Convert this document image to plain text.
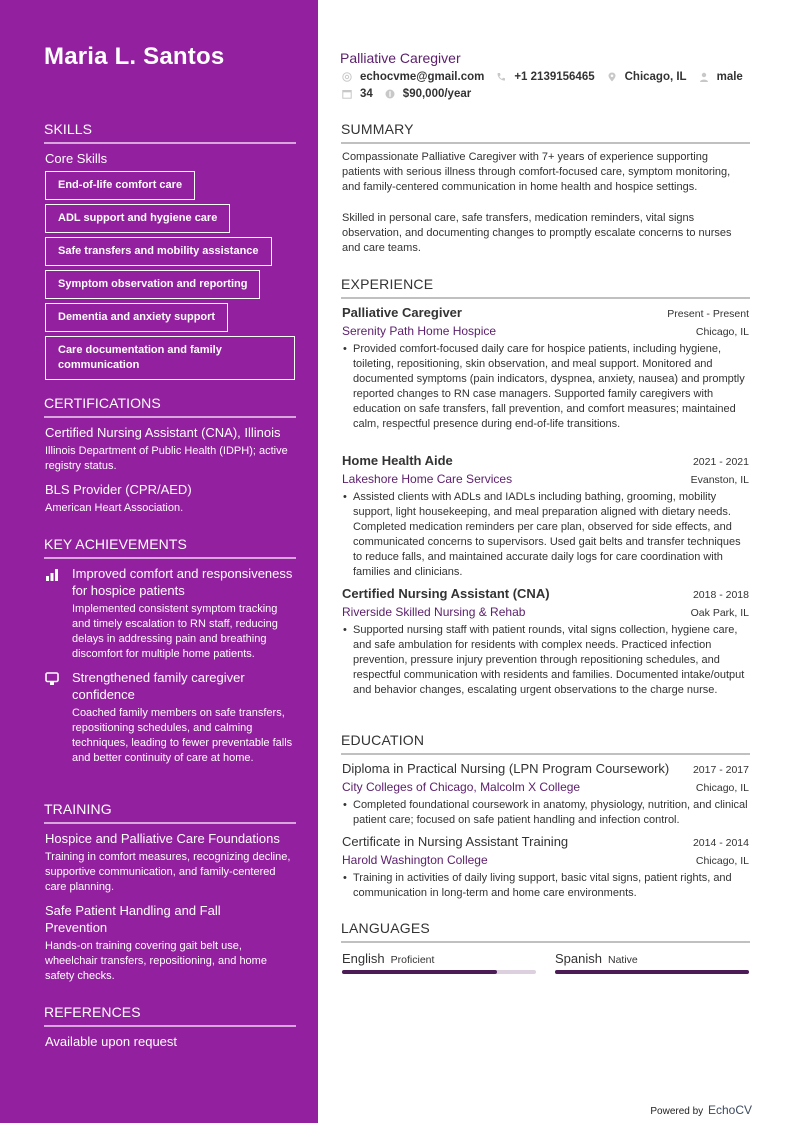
Maria L. Santos
SKILLS
Core Skills
End-of-life comfort care
ADL support and hygiene care
Safe transfers and mobility assistance
Symptom observation and reporting
Dementia and anxiety support
Care documentation and family communication
CERTIFICATIONS
Certified Nursing Assistant (CNA), Illinois
Illinois Department of Public Health (IDPH); active registry status.
BLS Provider (CPR/AED)
American Heart Association.
KEY ACHIEVEMENTS
Improved comfort and responsiveness for hospice patients
Implemented consistent symptom tracking and timely escalation to RN staff, reducing delays in addressing pain and breathing discomfort for multiple home patients.
Strengthened family caregiver confidence
Coached family members on safe transfers, repositioning schedules, and calming techniques, leading to fewer preventable falls and better continuity of care at home.
TRAINING
Hospice and Palliative Care Foundations
Training in comfort measures, recognizing decline, supportive communication, and family-centered care planning.
Safe Patient Handling and Fall Prevention
Hands-on training covering gait belt use, wheelchair transfers, repositioning, and home safety checks.
REFERENCES
Available upon request
Palliative Caregiver
echocvme@gmail.com	+1 2139156465	Chicago, IL	male
34	$90,000/year
SUMMARY
Compassionate Palliative Caregiver with 7+ years of experience supporting patients with serious illness through comfort-focused care, symptom monitoring, and family-centered communication in home health and hospice settings.
Skilled in personal care, safe transfers, medication reminders, vital signs observation, and documenting changes to promptly escalate concerns to nurses and care teams.
EXPERIENCE
Palliative Caregiver	Present - Present
Serenity Path Home Hospice	Chicago, IL
• Provided comfort-focused daily care for hospice patients, including hygiene, toileting, repositioning, skin observation, and meal support. Monitored and documented symptoms (pain indicators, dyspnea, anxiety, nausea) and promptly reported changes to RN case managers. Supported family caregivers with education on safe transfers, fall prevention, and comfort measures; maintained calm, respectful presence during end-of-life transitions.
Home Health Aide	2021 - 2021
Lakeshore Home Care Services	Evanston, IL
• Assisted clients with ADLs and IADLs including bathing, grooming, mobility support, light housekeeping, and meal preparation aligned with dietary needs. Completed medication reminders per care plan, observed for side effects, and communicated concerns to supervisors. Used gait belts and transfer techniques to reduce falls, and maintained accurate daily logs for care coordination with families and clinicians.
Certified Nursing Assistant (CNA)	2018 - 2018
Riverside Skilled Nursing & Rehab	Oak Park, IL
• Supported nursing staff with patient rounds, vital signs collection, hygiene care, and safe ambulation for residents with complex needs. Practiced infection prevention, pressure injury prevention through repositioning schedules, and respectful communication with residents and families. Documented intake/output and behavior changes, escalating urgent observations to the charge nurse.
EDUCATION
Diploma in Practical Nursing (LPN Program Coursework) 2017 - 2017
City Colleges of Chicago, Malcolm X College	Chicago, IL
• Completed foundational coursework in anatomy, physiology, nutrition, and clinical patient care; focused on safe patient handling and infection control.
Certificate in Nursing Assistant Training	2014 - 2014
Harold Washington College	Chicago, IL
• Training in activities of daily living support, basic vital signs, patient rights, and communication in long-term and home care environments.
LANGUAGES
English Proficient	Spanish Native
Powered by EchoCV
